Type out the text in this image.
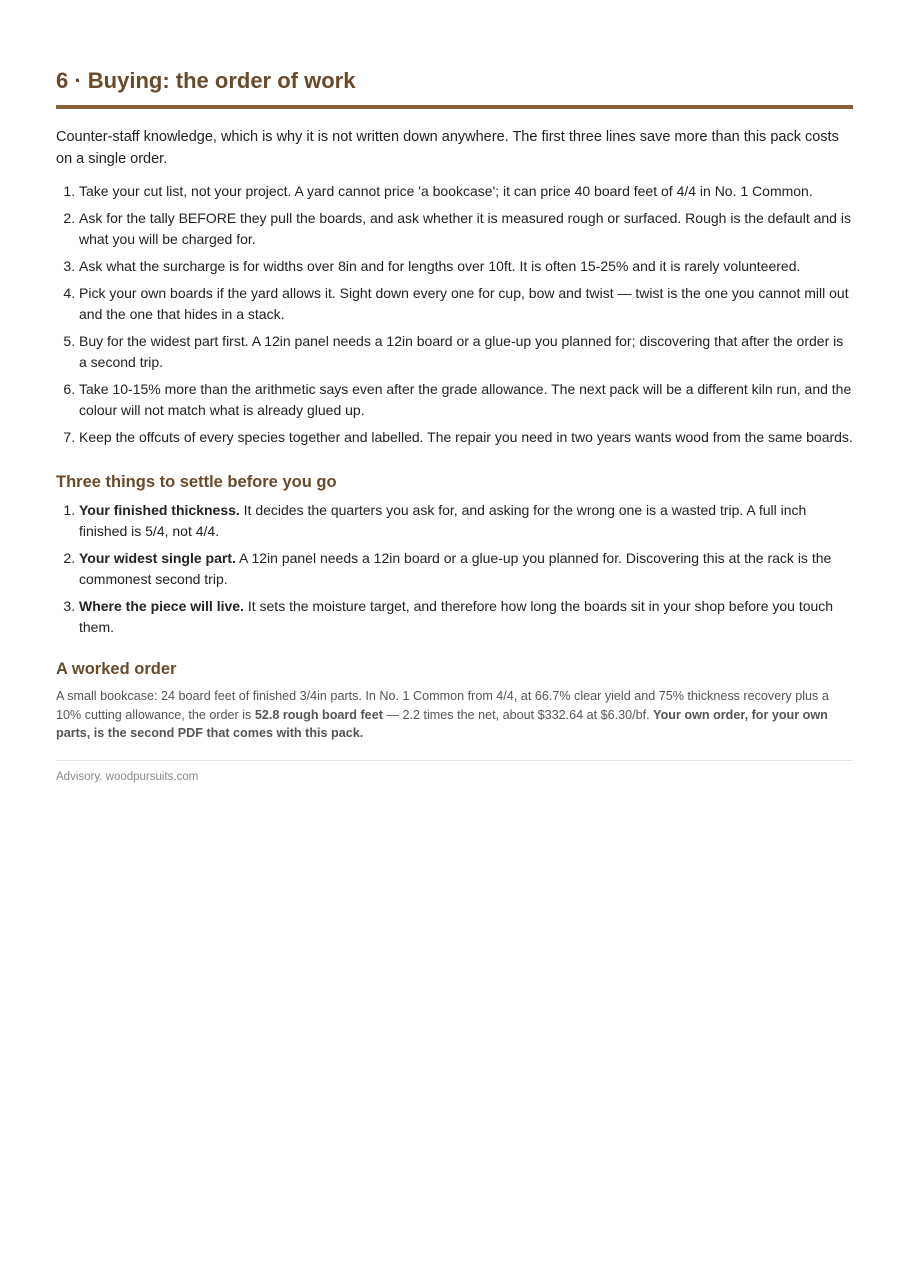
6 · Buying: the order of work

Counter-staff knowledge, which is why it is not written down anywhere. The first three lines save more than this pack costs on a single order.

1. Take your cut list, not your project. A yard cannot price 'a bookcase'; it can price 40 board feet of 4/4 in No. 1 Common.
2. Ask for the tally BEFORE they pull the boards, and ask whether it is measured rough or surfaced. Rough is the default and is what you will be charged for.
3. Ask what the surcharge is for widths over 8in and for lengths over 10ft. It is often 15-25% and it is rarely volunteered.
4. Pick your own boards if the yard allows it. Sight down every one for cup, bow and twist — twist is the one you cannot mill out and the one that hides in a stack.
5. Buy for the widest part first. A 12in panel needs a 12in board or a glue-up you planned for; discovering that after the order is a second trip.
6. Take 10-15% more than the arithmetic says even after the grade allowance. The next pack will be a different kiln run, and the colour will not match what is already glued up.
7. Keep the offcuts of every species together and labelled. The repair you need in two years wants wood from the same boards.
Three things to settle before you go
1. Your finished thickness. It decides the quarters you ask for, and asking for the wrong one is a wasted trip. A full inch finished is 5/4, not 4/4.
2. Your widest single part. A 12in panel needs a 12in board or a glue-up you planned for. Discovering this at the rack is the commonest second trip.
3. Where the piece will live. It sets the moisture target, and therefore how long the boards sit in your shop before you touch them.
A worked order

A small bookcase: 24 board feet of finished 3/4in parts. In No. 1 Common from 4/4, at 66.7% clear yield and 75% thickness recovery plus a 10% cutting allowance, the order is 52.8 rough board feet — 2.2 times the net, about $332.64 at $6.30/bf. Your own order, for your own parts, is the second PDF that comes with this pack.

Advisory. woodpursuits.com
